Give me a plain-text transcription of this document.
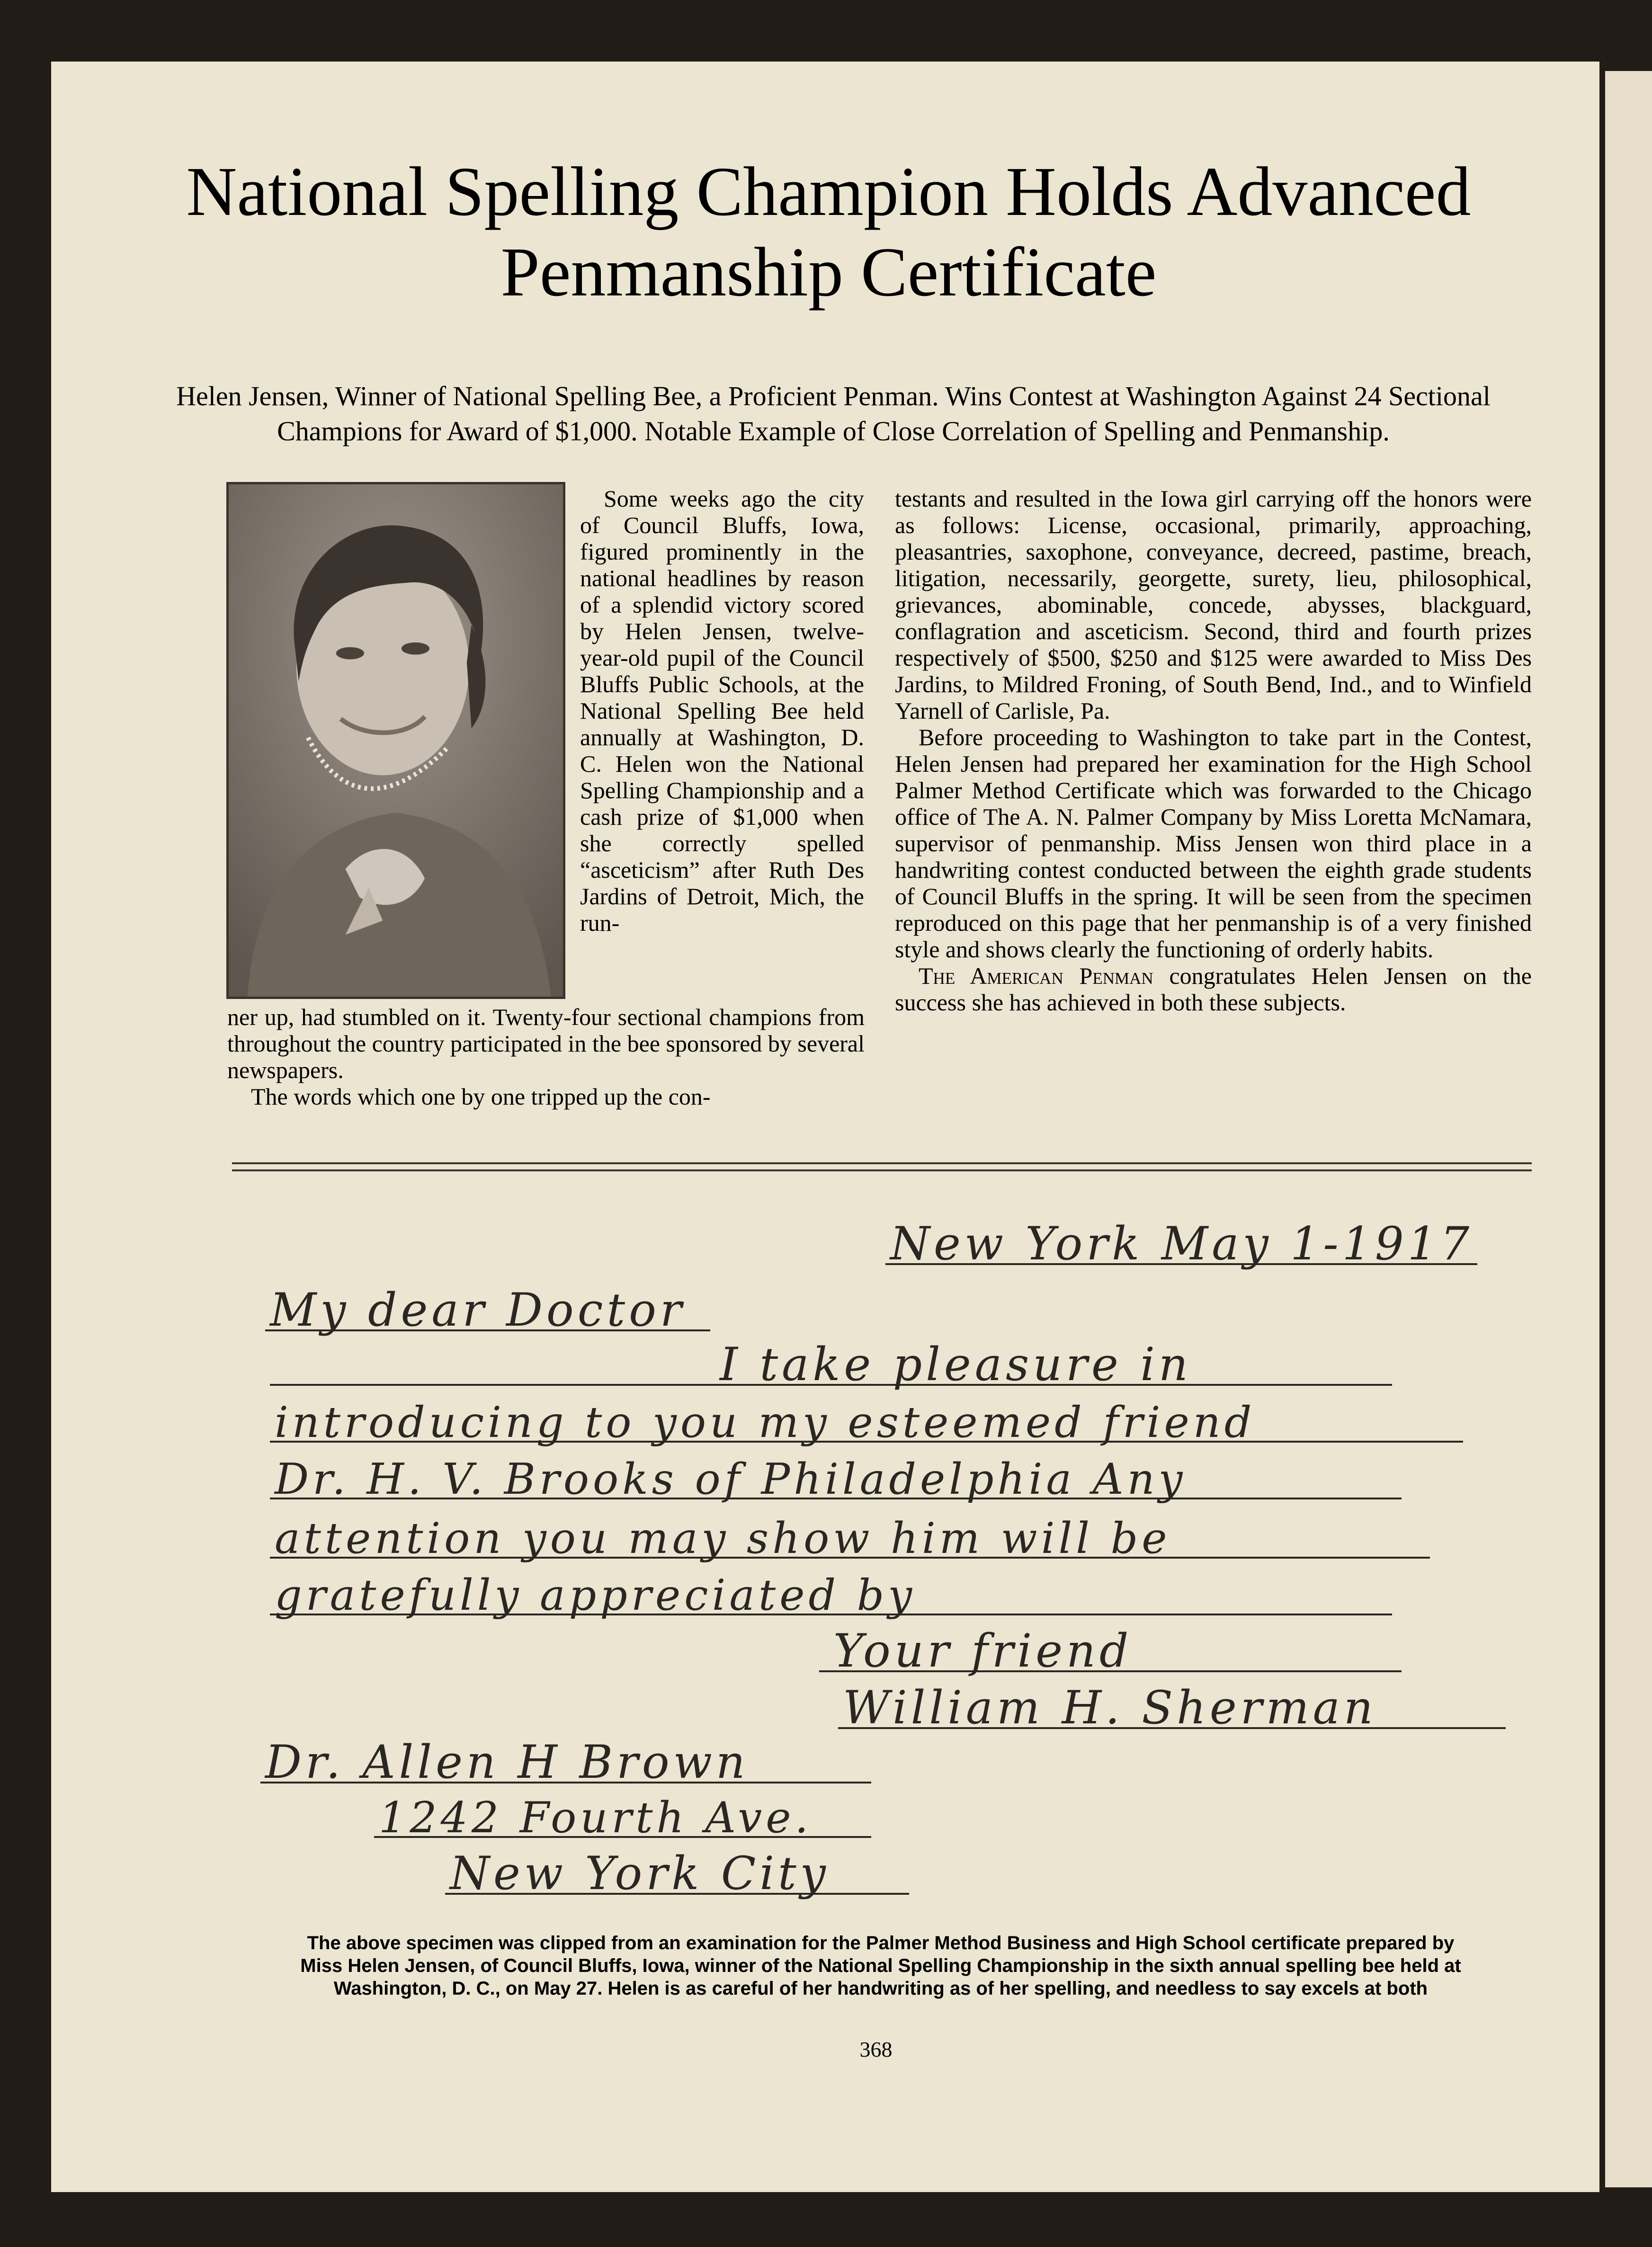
National Spelling Champion Holds Advanced
Penmanship Certificate
Helen Jensen, Winner of National Spelling Bee, a Proficient Penman. Wins Contest at Washington Against 24 Sectional Champions for Award of $1,000. Notable Example of Close Correlation of Spelling and Penmanship.

Some weeks ago the city of Council Bluffs, Iowa, figured prominently in the national headlines by reason of a splendid victory scored by Helen Jensen, twelve-year-old pupil of the Council Bluffs Public Schools, at the National Spelling Bee held annually at Washington, D. C. Helen won the National Spelling Championship and a cash prize of $1,000 when she correctly spelled “asceticism” after Ruth Des Jardins of Detroit, Mich, the run-

ner up, had stumbled on it. Twenty-four sectional champions from throughout the country participated in the bee sponsored by several newspapers.

The words which one by one tripped up the con-

testants and resulted in the Iowa girl carrying off the honors were as follows: License, occasional, primarily, approaching, pleasantries, saxophone, conveyance, decreed, pastime, breach, litigation, necessarily, georgette, surety, lieu, philosophical, grievances, abominable, concede, abysses, blackguard, conflagration and asceticism. Second, third and fourth prizes respectively of $500, $250 and $125 were awarded to Miss Des Jardins, to Mildred Froning, of South Bend, Ind., and to Winfield Yarnell of Carlisle, Pa.

Before proceeding to Washington to take part in the Contest, Helen Jensen had prepared her examination for the High School Palmer Method Certificate which was forwarded to the Chicago office of The A. N. Palmer Company by Miss Loretta McNamara, supervisor of penmanship. Miss Jensen won third place in a handwriting contest conducted between the eighth grade students of Council Bluffs in the spring. It will be seen from the specimen reproduced on this page that her penmanship is of a very finished style and shows clearly the functioning of orderly habits.

The American Penman congratulates Helen Jensen on the success she has achieved in both these subjects.

New York May 1-1917
My dear Doctor
I take pleasure in
introducing to you my esteemed friend
Dr. H. V. Brooks of Philadelphia Any
attention you may show him will be
gratefully appreciated by
Your friend
William H. Sherman
Dr. Allen H Brown
1242 Fourth Ave.
New York City
The above specimen was clipped from an examination for the Palmer Method Business and High School certificate prepared by Miss Helen Jensen, of Council Bluffs, Iowa, winner of the National Spelling Championship in the sixth annual spelling bee held at Washington, D. C., on May 27. Helen is as careful of her handwriting as of her spelling, and needless to say excels at both
368
